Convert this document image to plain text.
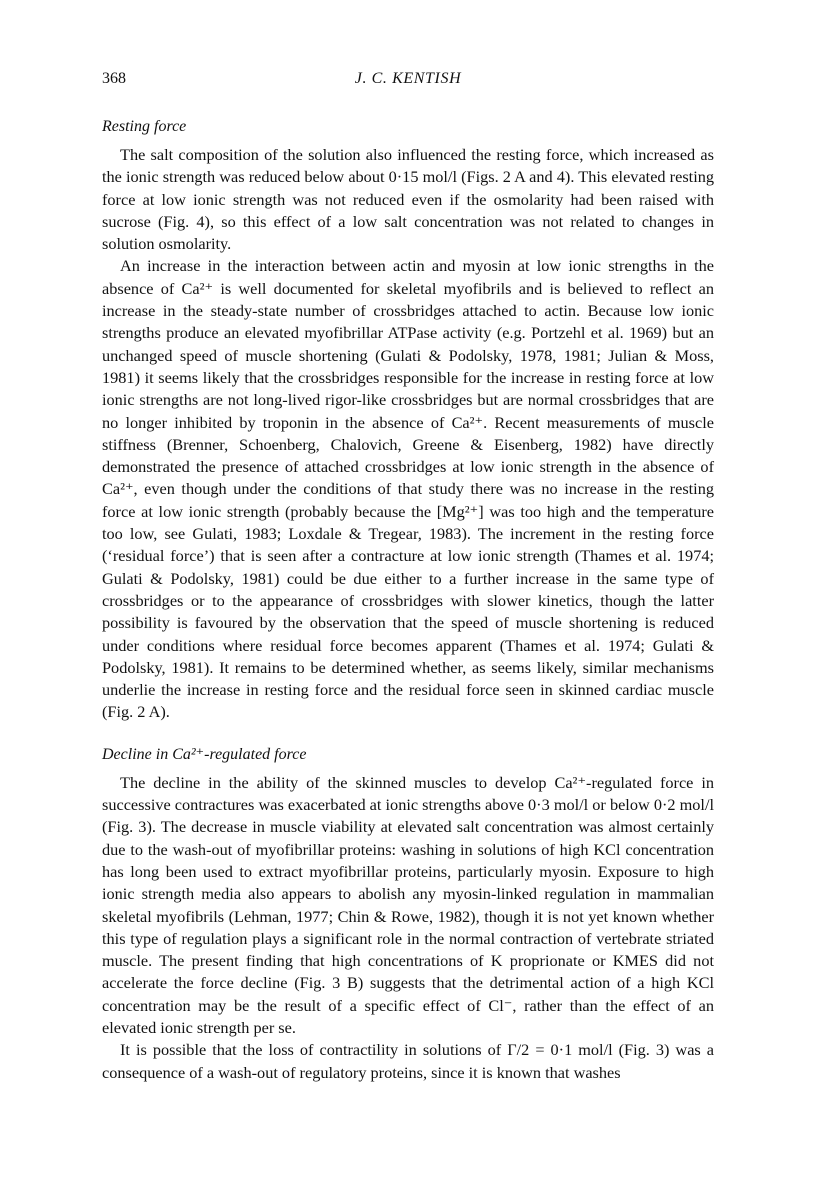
368	J. C. KENTISH
Resting force

The salt composition of the solution also influenced the resting force, which increased as the ionic strength was reduced below about 0·15 mol/l (Figs. 2 A and 4). This elevated resting force at low ionic strength was not reduced even if the osmolarity had been raised with sucrose (Fig. 4), so this effect of a low salt concentration was not related to changes in solution osmolarity.

An increase in the interaction between actin and myosin at low ionic strengths in the absence of Ca²⁺ is well documented for skeletal myofibrils and is believed to reflect an increase in the steady-state number of crossbridges attached to actin. Because low ionic strengths produce an elevated myofibrillar ATPase activity (e.g. Portzehl et al. 1969) but an unchanged speed of muscle shortening (Gulati & Podolsky, 1978, 1981; Julian & Moss, 1981) it seems likely that the crossbridges responsible for the increase in resting force at low ionic strengths are not long-lived rigor-like crossbridges but are normal crossbridges that are no longer inhibited by troponin in the absence of Ca²⁺. Recent measurements of muscle stiffness (Brenner, Schoenberg, Chalovich, Greene & Eisenberg, 1982) have directly demonstrated the presence of attached crossbridges at low ionic strength in the absence of Ca²⁺, even though under the conditions of that study there was no increase in the resting force at low ionic strength (probably because the [Mg²⁺] was too high and the temperature too low, see Gulati, 1983; Loxdale & Tregear, 1983). The increment in the resting force (‘residual force’) that is seen after a contracture at low ionic strength (Thames et al. 1974; Gulati & Podolsky, 1981) could be due either to a further increase in the same type of crossbridges or to the appearance of crossbridges with slower kinetics, though the latter possibility is favoured by the observation that the speed of muscle shortening is reduced under conditions where residual force becomes apparent (Thames et al. 1974; Gulati & Podolsky, 1981). It remains to be determined whether, as seems likely, similar mechanisms underlie the increase in resting force and the residual force seen in skinned cardiac muscle (Fig. 2 A).

Decline in Ca²⁺-regulated force

The decline in the ability of the skinned muscles to develop Ca²⁺-regulated force in successive contractures was exacerbated at ionic strengths above 0·3 mol/l or below 0·2 mol/l (Fig. 3). The decrease in muscle viability at elevated salt concentration was almost certainly due to the wash-out of myofibrillar proteins: washing in solutions of high KCl concentration has long been used to extract myofibrillar proteins, particularly myosin. Exposure to high ionic strength media also appears to abolish any myosin-linked regulation in mammalian skeletal myofibrils (Lehman, 1977; Chin & Rowe, 1982), though it is not yet known whether this type of regulation plays a significant role in the normal contraction of vertebrate striated muscle. The present finding that high concentrations of K proprionate or KMES did not accelerate the force decline (Fig. 3 B) suggests that the detrimental action of a high KCl concentration may be the result of a specific effect of Cl⁻, rather than the effect of an elevated ionic strength per se.

It is possible that the loss of contractility in solutions of Γ/2 = 0·1 mol/l (Fig. 3) was a consequence of a wash-out of regulatory proteins, since it is known that washes
